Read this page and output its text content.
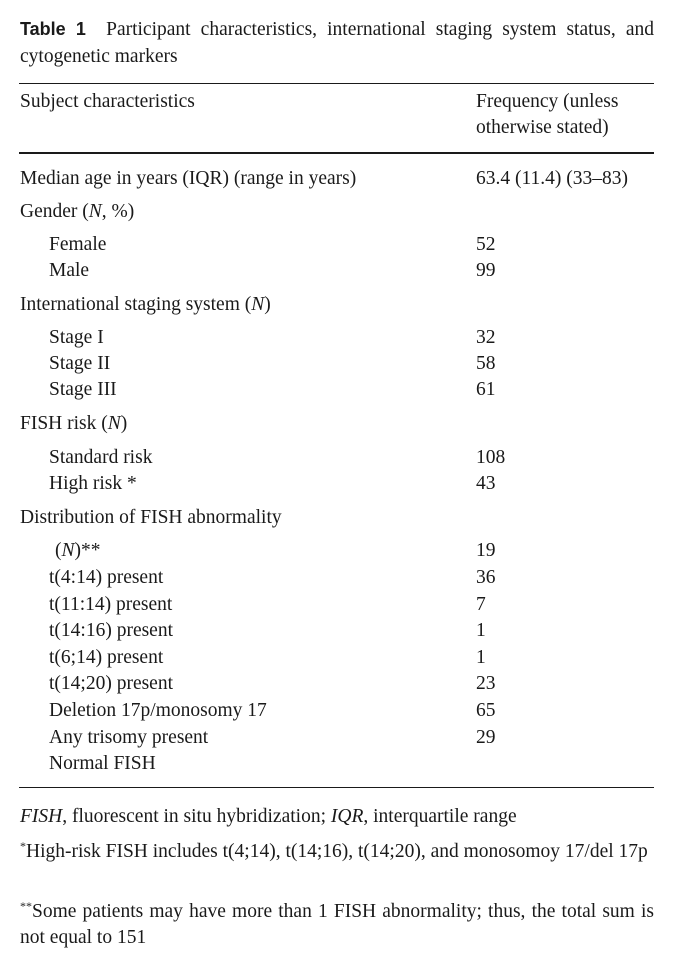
Table 1 Participant characteristics, international staging system status, and cytogenetic markers
Subject characteristics	Frequency (unless
otherwise stated)
Median age in years (IQR) (range in years)	63.4 (11.4) (33–83)
Gender (N, %)
Female	52
Male	99
International staging system (N)
Stage I	32
Stage II	58
Stage III	61
FISH risk (N)
Standard risk	108
High risk *	43
Distribution of FISH abnormality
(N)**	19
t(4:14) present	36
t(11:14) present	7
t(14:16) present	1
t(6;14) present	1
t(14;20) present	23
Deletion 17p/monosomy 17	65
Any trisomy present	29
Normal FISH
FISH, fluorescent in situ hybridization; IQR, interquartile range
*High-risk FISH includes t(4;14), t(14;16), t(14;20), and monosomoy 17/del 17p
**Some patients may have more than 1 FISH abnormality; thus, the total sum is not equal to 151
